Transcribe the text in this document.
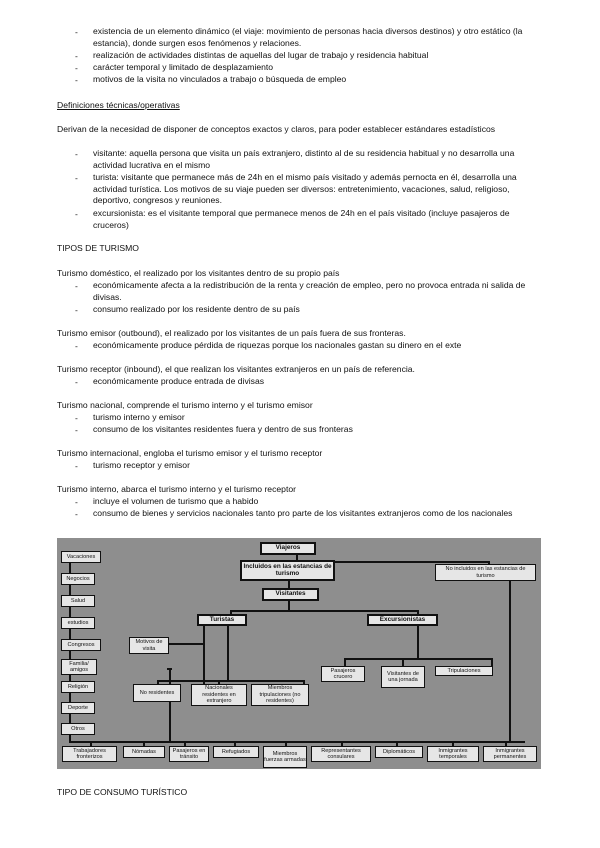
- existencia de un elemento dinámico (el viaje: movimiento de personas hacia diversos destinos) y otro estático (la estancia), donde surgen esos fenómenos y relaciones.
- realización de actividades distintas de aquellas del lugar de trabajo y residencia habitual
- carácter temporal y limitado de desplazamiento
- motivos de la visita no vinculados a trabajo o búsqueda de empleo
Definiciones técnicas/operativas
Derivan de la necesidad de disponer de conceptos exactos y claros, para poder establecer estándares estadísticos
- visitante: aquella persona que visita un país extranjero, distinto al de su residencia habitual y no desarrolla una actividad lucrativa en el mismo
- turista: visitante que permanece más de 24h en el mismo país visitado y además pernocta en él, desarrolla una actividad turística. Los motivos de su viaje pueden ser diversos: entretenimiento, vacaciones, salud, religioso, deportivo, congresos y reuniones.
- excursionista: es el visitante temporal que permanece menos de 24h en el país visitado (incluye pasajeros de cruceros)
TIPOS DE TURISMO
Turismo doméstico, el realizado por los visitantes dentro de su propio país
- económicamente afecta a la redistribución de la renta y creación de empleo, pero no provoca entrada ni salida de divisas.
- consumo realizado por los residente dentro de su país
Turismo emisor (outbound), el realizado por los visitantes de un país fuera de sus fronteras.
- económicamente produce pérdida de riquezas porque los nacionales gastan su dinero en el exte
Turismo receptor (inbound), el que realizan los visitantes extranjeros en un país de referencia.
- económicamente produce entrada de divisas
Turismo nacional, comprende el turismo interno y el turismo emisor
- turismo interno y emisor
- consumo de los visitantes residentes fuera y dentro de sus fronteras
Turismo internacional, engloba el turismo emisor y el turismo receptor
- turismo receptor y emisor
Turismo interno, abarca el turismo interno y el turismo receptor
- incluye el volumen de turismo que a habido
- consumo de bienes y servicios nacionales tanto pro parte de los visitantes extranjeros como de los nacionales
Vacaciones
Negocios
Salud
estudios
Congresos
Familia/ amigos
Religión
Deporte
Otros
Viajeros
Incluidos en las estancias de turismo
No incluidos en las estancias de turismo
Visitantes
Turistas	Excursionistas
Motivos de visita
Pasajeros crucero
Visitantes de una jornada
Tripulaciones
No residentes
Nacionales residentes en extranjero
Miembros tripulaciones (no residentes)
Trabajadores fronterizos
Nómadas	Pasajeros en tránsito
Refugiados	Miembros fuerzas armadas
Representantes consulares
Diplomáticos	Inmigrantes temporales
Inmigrantes permanentes
TIPO DE CONSUMO TURÍSTICO
